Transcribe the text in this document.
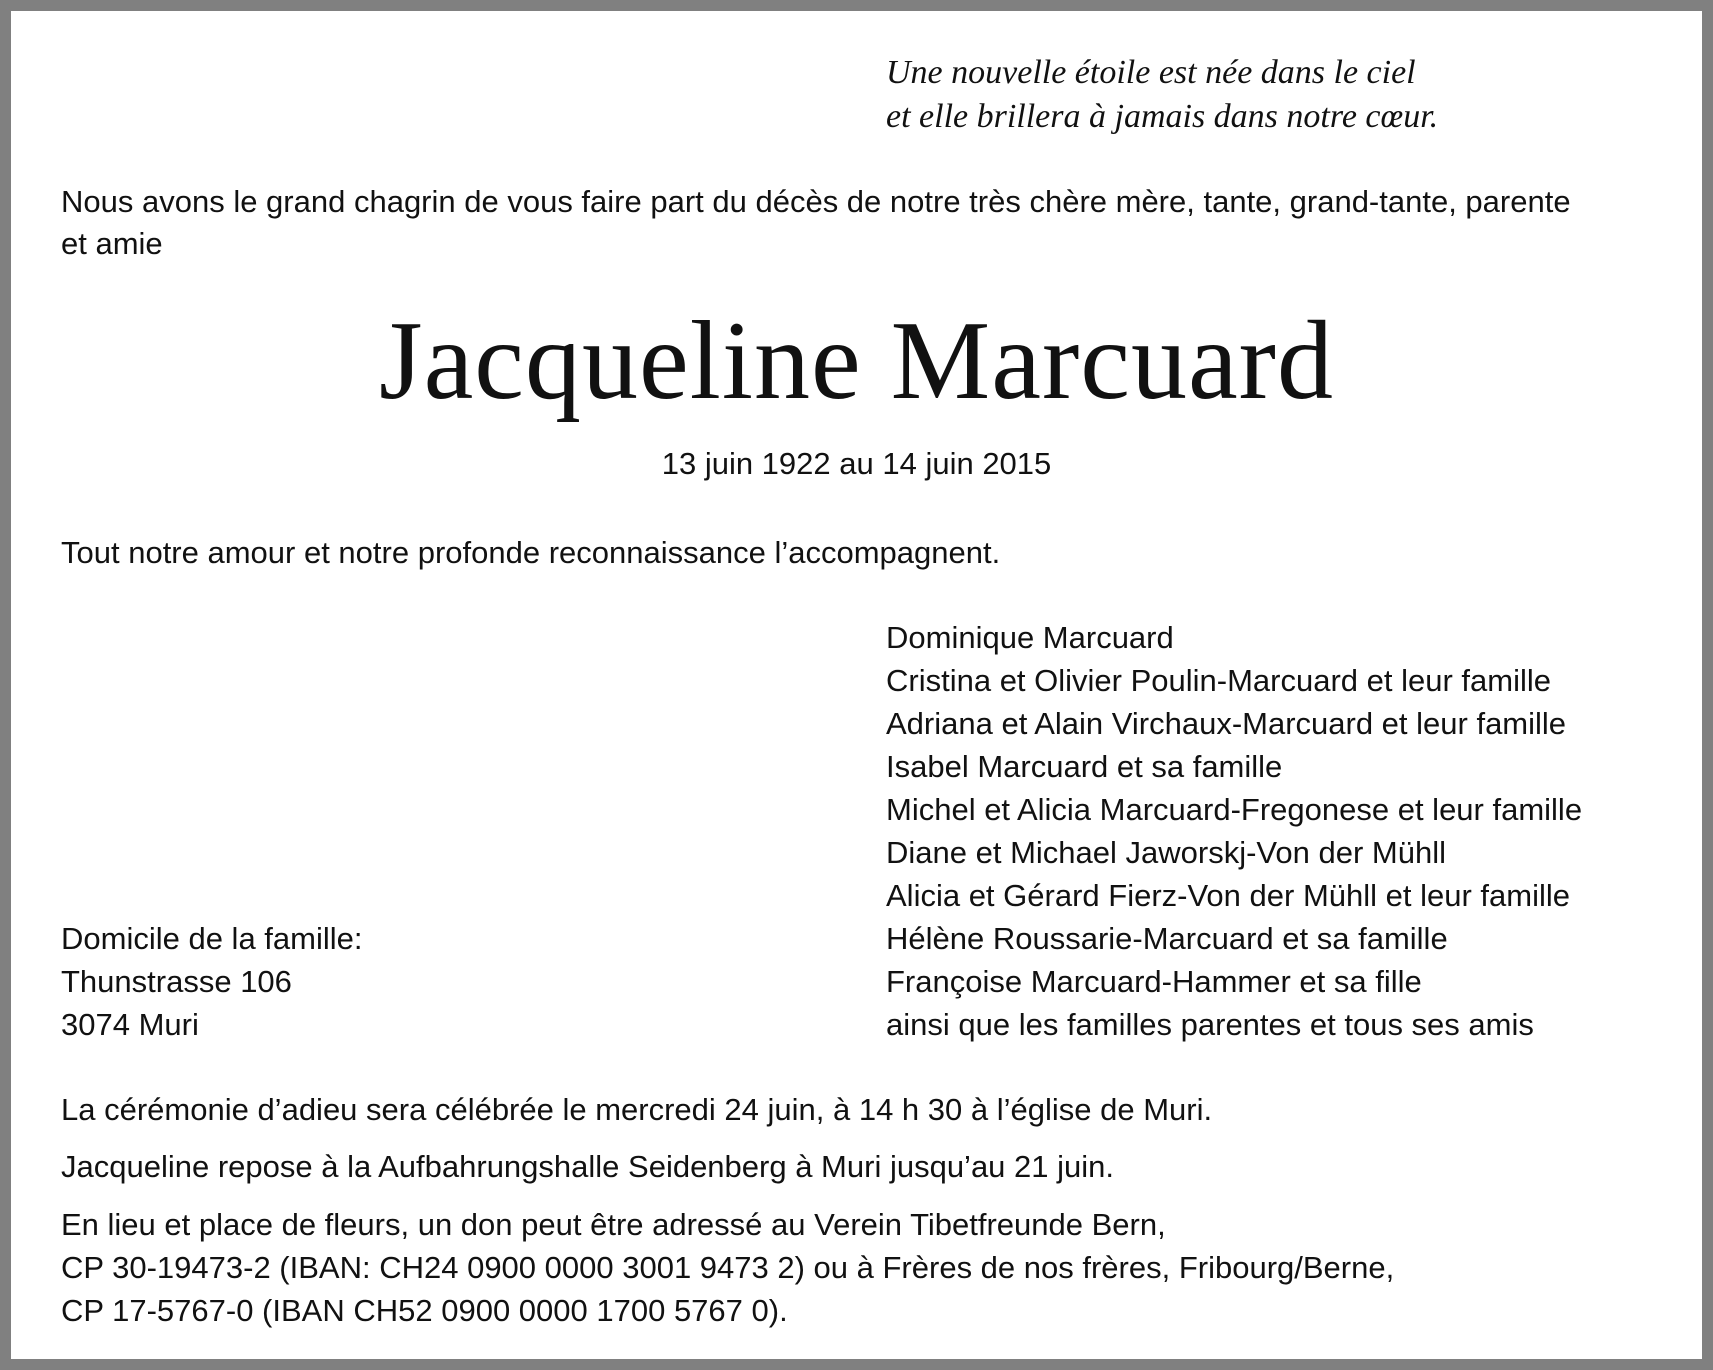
Une nouvelle étoile est née dans le ciel
et elle brillera à jamais dans notre cœur.
Nous avons le grand chagrin de vous faire part du décès de notre très chère mère, tante, grand-tante, parente
et amie
Jacqueline Marcuard
13 juin 1922 au 14 juin 2015
Tout notre amour et notre profonde reconnaissance l’accompagnent.
Dominique Marcuard
Cristina et Olivier Poulin-Marcuard et leur famille
Adriana et Alain Virchaux-Marcuard et leur famille
Isabel Marcuard et sa famille
Michel et Alicia Marcuard-Fregonese et leur famille
Diane et Michael Jaworskj-Von der Mühll
Alicia et Gérard Fierz-Von der Mühll et leur famille
Hélène Roussarie-Marcuard et sa famille
Françoise Marcuard-Hammer et sa fille
ainsi que les familles parentes et tous ses amis
Domicile de la famille:
Thunstrasse 106
3074 Muri
La cérémonie d’adieu sera célébrée le mercredi 24 juin, à 14 h 30 à l’église de Muri.
Jacqueline repose à la Aufbahrungshalle Seidenberg à Muri jusqu’au 21 juin.
En lieu et place de fleurs, un don peut être adressé au Verein Tibetfreunde Bern,
CP 30-19473-2 (IBAN: CH24 0900 0000 3001 9473 2) ou à Frères de nos frères, Fribourg/Berne,
CP 17-5767-0 (IBAN CH52 0900 0000 1700 5767 0).
